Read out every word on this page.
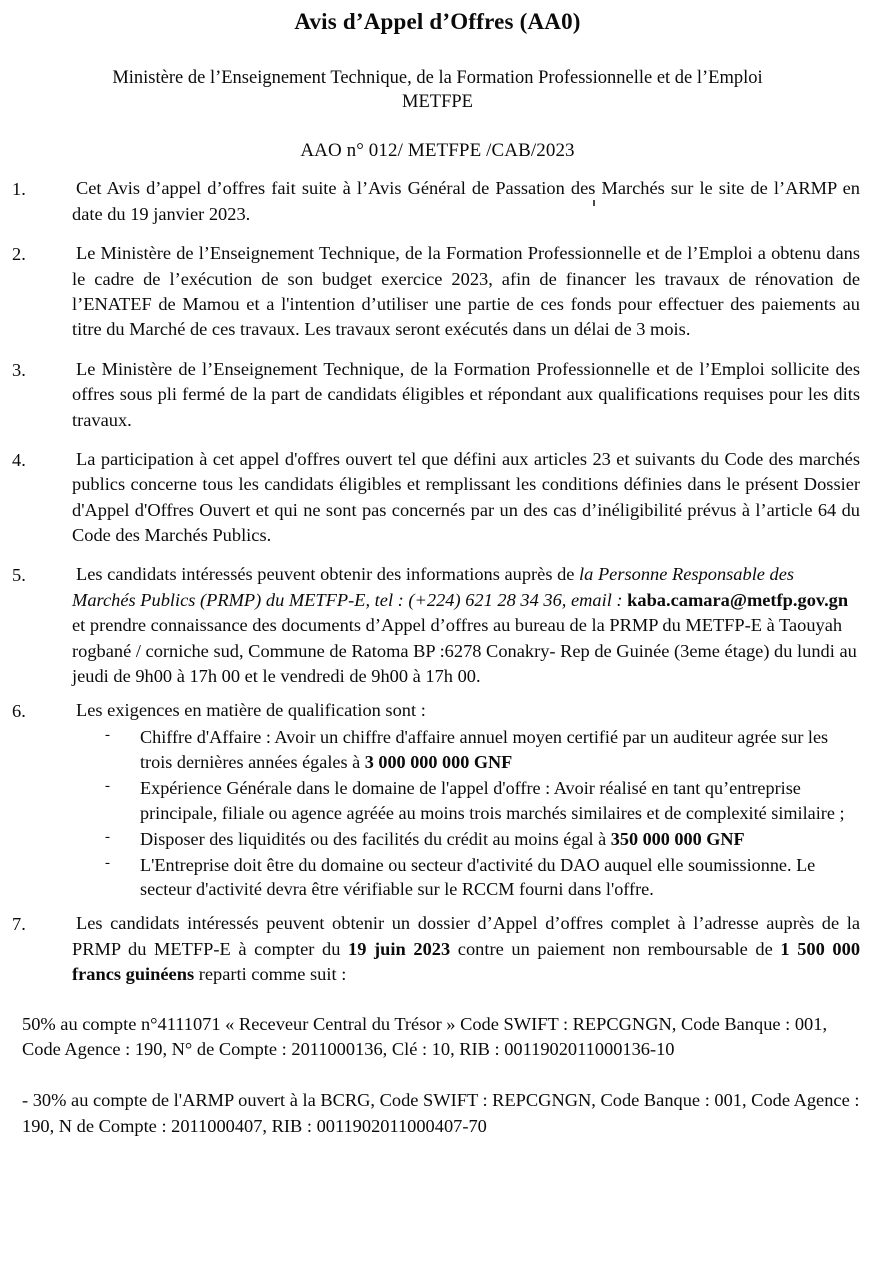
Avis d’Appel d’Offres (AA0)

Ministère de l’Enseignement Technique, de la Formation Professionnelle et de l’Emploi
METFPE

AAO n° 012/ METFPE /CAB/2023

1.	Cet Avis d’appel d’offres fait suite à l’Avis Général de Passation des Marchés sur le site de l’ARMP en date du 19 janvier 2023.
2.	Le Ministère de l’Enseignement Technique, de la Formation Professionnelle et de l’Emploi a obtenu dans le cadre de l’exécution de son budget exercice 2023, afin de financer les travaux de rénovation de l’ENATEF de Mamou et a l'intention d’utiliser une partie de ces fonds pour effectuer des paiements au titre du Marché de ces travaux. Les travaux seront exécutés dans un délai de 3 mois.
3.	Le Ministère de l’Enseignement Technique, de la Formation Professionnelle et de l’Emploi sollicite des offres sous pli fermé de la part de candidats éligibles et répondant aux qualifications requises pour les dits travaux.
4.	La participation à cet appel d'offres ouvert tel que défini aux articles 23 et suivants du Code des marchés publics concerne tous les candidats éligibles et remplissant les conditions définies dans le présent Dossier d'Appel d'Offres Ouvert et qui ne sont pas concernés par un des cas d’inéligibilité prévus à l’article 64 du Code des Marchés Publics.
5.	Les candidats intéressés peuvent obtenir des informations auprès de la Personne Responsable des Marchés Publics (PRMP) du METFP-E, tel : (+224) 621 28 34 36, email : kaba.camara@metfp.gov.gn et prendre connaissance des documents d’Appel d’offres au bureau de la PRMP du METFP-E à Taouyah rogbané / corniche sud, Commune de Ratoma BP :6278 Conakry- Rep de Guinée (3eme étage) du lundi au jeudi de 9h00 à 17h 00 et le vendredi de 9h00 à 17h 00.
6.	Les exigences en matière de qualification sont :
- Chiffre d'Affaire : Avoir un chiffre d'affaire annuel moyen certifié par un auditeur agrée sur les trois dernières années égales à 3 000 000 000 GNF
- Expérience Générale dans le domaine de l'appel d'offre : Avoir réalisé en tant qu’entreprise principale, filiale ou agence agréée au moins trois marchés similaires et de complexité similaire ;
- Disposer des liquidités ou des facilités du crédit au moins égal à 350 000 000 GNF
- L'Entreprise doit être du domaine ou secteur d'activité du DAO auquel elle soumissionne. Le secteur d'activité devra être vérifiable sur le RCCM fourni dans l'offre.
7.	Les candidats intéressés peuvent obtenir un dossier d’Appel d’offres complet à l’adresse auprès de la PRMP du METFP-E à compter du 19 juin 2023 contre un paiement non remboursable de 1 500 000 francs guinéens reparti comme suit :

50% au compte n°4111071 « Receveur Central du Trésor » Code SWIFT : REPCGNGN, Code Banque : 001, Code Agence : 190, N° de Compte : 2011000136, Clé : 10, RIB : 0011902011000136-10

- 30% au compte de l'ARMP ouvert à la BCRG, Code SWIFT : REPCGNGN, Code Banque : 001, Code Agence : 190, N de Compte : 2011000407, RIB : 0011902011000407-70
